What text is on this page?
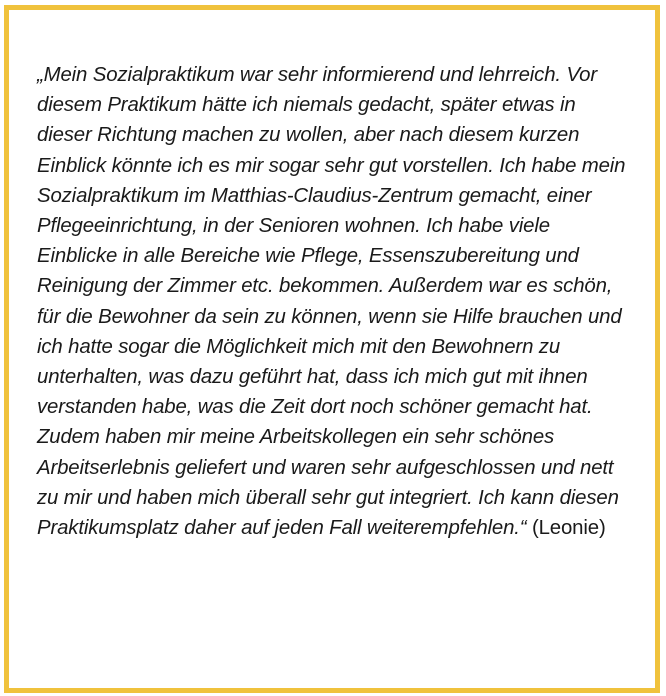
„Mein Sozialpraktikum war sehr informierend und lehrreich. Vor diesem Praktikum hätte ich niemals gedacht, später etwas in dieser Richtung machen zu wollen, aber nach diesem kurzen Einblick könnte ich es mir sogar sehr gut vorstellen. Ich habe mein Sozialpraktikum im Matthias-Claudius-Zentrum gemacht, einer Pflegeeinrichtung, in der Senioren wohnen. Ich habe viele Einblicke in alle Bereiche wie Pflege, Essenszubereitung und Reinigung der Zimmer etc. bekommen. Außerdem war es schön, für die Bewohner da sein zu können, wenn sie Hilfe brauchen und ich hatte sogar die Möglichkeit mich mit den Bewohnern zu unterhalten, was dazu geführt hat, dass ich mich gut mit ihnen verstanden habe, was die Zeit dort noch schöner gemacht hat. Zudem haben mir meine Arbeitskollegen ein sehr schönes Arbeitserlebnis geliefert und waren sehr aufgeschlossen und nett zu mir und haben mich überall sehr gut integriert. Ich kann diesen Praktikumsplatz daher auf jeden Fall weiterempfehlen.“ (Leonie)
